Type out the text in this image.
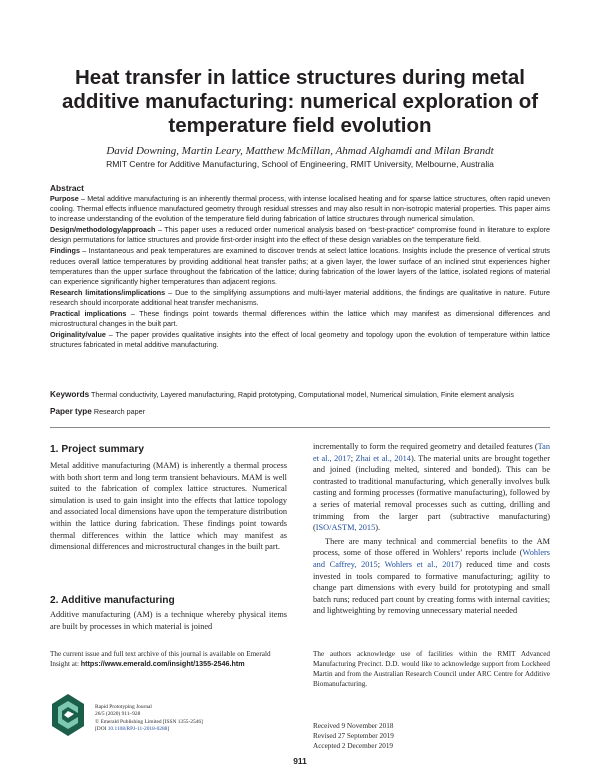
Heat transfer in lattice structures during metal additive manufacturing: numerical exploration of temperature field evolution
David Downing, Martin Leary, Matthew McMillan, Ahmad Alghamdi and Milan Brandt
RMIT Centre for Additive Manufacturing, School of Engineering, RMIT University, Melbourne, Australia
Abstract

Purpose – Metal additive manufacturing is an inherently thermal process, with intense localised heating and for sparse lattice structures, often rapid uneven cooling. Thermal effects influence manufactured geometry through residual stresses and may also result in non-isotropic material properties. This paper aims to increase understanding of the evolution of the temperature field during fabrication of lattice structures through numerical simulation.

Design/methodology/approach – This paper uses a reduced order numerical analysis based on “best-practice” compromise found in literature to explore design permutations for lattice structures and provide first-order insight into the effect of these design variables on the temperature field.

Findings – Instantaneous and peak temperatures are examined to discover trends at select lattice locations. Insights include the presence of vertical struts reduces overall lattice temperatures by providing additional heat transfer paths; at a given layer, the lower surface of an inclined strut experiences higher temperatures than the upper surface throughout the fabrication of the lattice; during fabrication of the lower layers of the lattice, isolated regions of material can experience significantly higher temperatures than adjacent regions.

Research limitations/implications – Due to the simplifying assumptions and multi-layer material additions, the findings are qualitative in nature. Future research should incorporate additional heat transfer mechanisms.

Practical implications – These findings point towards thermal differences within the lattice which may manifest as dimensional differences and microstructural changes in the built part.

Originality/value – The paper provides qualitative insights into the effect of local geometry and topology upon the evolution of temperature within lattice structures fabricated in metal additive manufacturing.

Keywords Thermal conductivity, Layered manufacturing, Rapid prototyping, Computational model, Numerical simulation, Finite element analysis
Paper type Research paper
1. Project summary

Metal additive manufacturing (MAM) is inherently a thermal process with both short term and long term transient behaviours. MAM is well suited to the fabrication of complex lattice structures. Numerical simulation is used to gain insight into the effects that lattice topology and associated local dimensions have upon the temperature distribution within the lattice during fabrication. These findings point towards thermal differences within the lattice which may manifest as dimensional differences and microstructural changes in the built part.

2. Additive manufacturing

Additive manufacturing (AM) is a technique whereby physical items are built by processes in which material is joined

incrementally to form the required geometry and detailed features (Tan et al., 2017; Zhai et al., 2014). The material units are brought together and joined (including melted, sintered and bonded). This can be contrasted to traditional manufacturing, which generally involves bulk casting and forming processes (formative manufacturing), followed by a series of material removal processes such as cutting, drilling and trimming from the larger part (subtractive manufacturing) (ISO/ASTM, 2015).

There are many technical and commercial benefits to the AM process, some of those offered in Wohlers’ reports include (Wohlers and Caffrey, 2015; Wohlers et al., 2017) reduced time and costs invested in tools compared to formative manufacturing; agility to change part dimensions with every build for prototyping and small batch runs; reduced part count by creating forms with internal cavities; and lightweighting by removing unnecessary material needed

The current issue and full text archive of this journal is available on Emerald Insight at: https://www.emerald.com/insight/1355-2546.htm
Rapid Prototyping Journal
26/5 (2020) 911–928
© Emerald Publishing Limited [ISSN 1355-2546]
[DOI 10.1108/RPJ-11-2018-0288]
The authors acknowledge use of facilities within the RMIT Advanced Manufacturing Precinct. D.D. would like to acknowledge support from Lockheed Martin and from the Australian Research Council under ARC Centre for Additive Biomanufacturing.
Received 9 November 2018
Revised 27 September 2019
Accepted 2 December 2019
911
